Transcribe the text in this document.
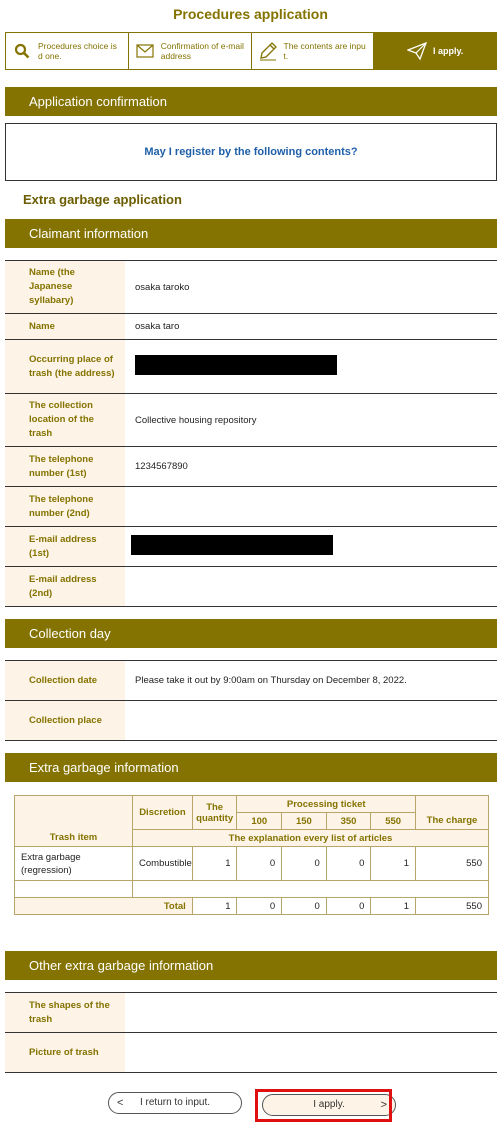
Procedures application
Procedures choice is d one.
Confirmation of e-mail address
The contents are inpu t.	I apply.
Application confirmation
May I register by the following contents?
Extra garbage application
Claimant information
Name (the Japanese syllabary)	osaka taroko
Name	osaka taro
Occurring place of trash (the address)	
The collection location of the trash	Collective housing repository
The telephone number (1st)	1234567890
The telephone number (2nd)	
E-mail address (1st)	
E-mail address (2nd)	
Collection day
Collection date	Please take it out by 9:00am on Thursday on December 8, 2022.
Collection place	
Extra garbage information
Trash item	Discretion	The quantity	Processing ticket				The charge
			100	150	350	550	
	The explanation every list of articles						
Extra garbage (regression)	Combustible	1	0	0	0	1	550

Total		1	0	0	0	1	550
Other extra garbage information
The shapes of the trash	
Picture of trash	
< I return to input.	I apply.	>
